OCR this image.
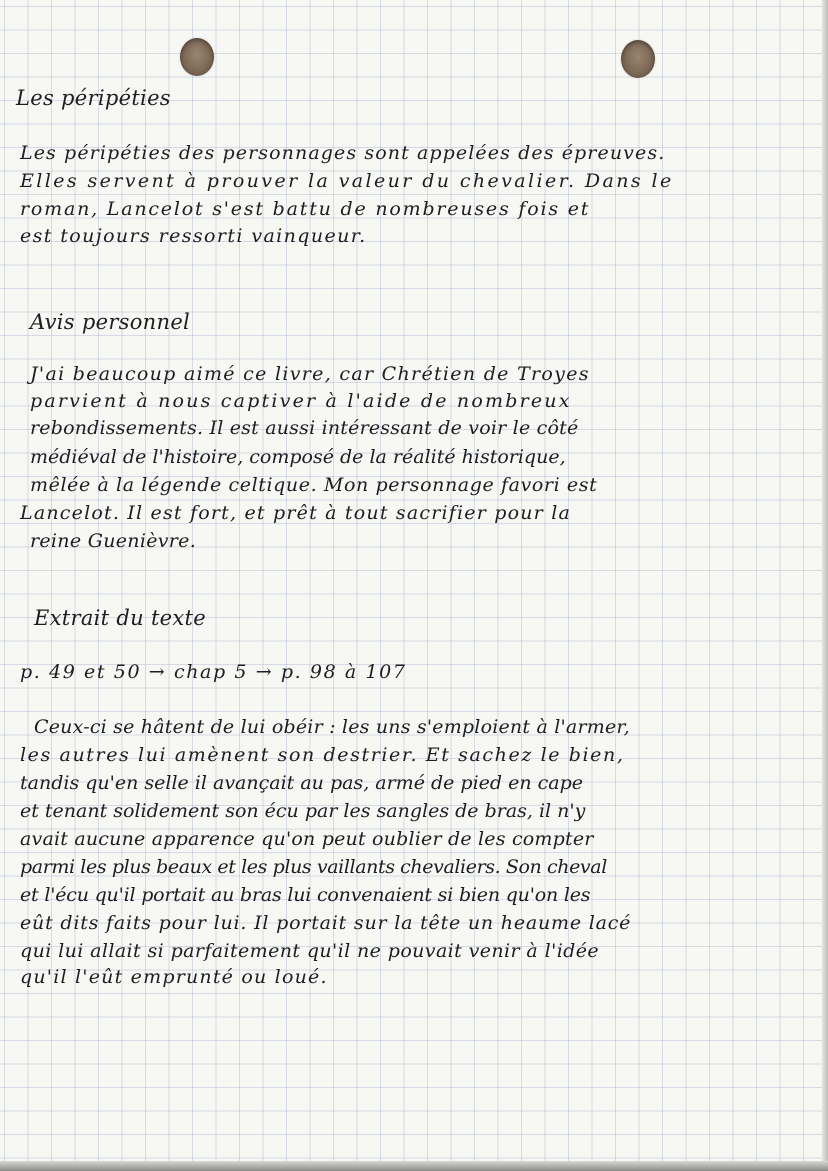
Les péripéties

Les péripéties des personnages sont appelées des épreuves.

Elles servent à prouver la valeur du chevalier. Dans le

roman, Lancelot s'est battu de nombreuses fois et

est toujours ressorti vainqueur.

Avis personnel

J'ai beaucoup aimé ce livre, car Chrétien de Troyes

parvient à nous captiver à l'aide de nombreux

rebondissements. Il est aussi intéressant de voir le côté

médiéval de l'histoire, composé de la réalité historique,

mêlée à la légende celtique. Mon personnage favori est

Lancelot. Il est fort, et prêt à tout sacrifier pour la

reine Guenièvre.

Extrait du texte

p. 49 et 50 → chap 5 → p. 98 à 107

Ceux-ci se hâtent de lui obéir : les uns s'emploient à l'armer,

les autres lui amènent son destrier. Et sachez le bien,

tandis qu'en selle il avançait au pas, armé de pied en cape

et tenant solidement son écu par les sangles de bras, il n'y

avait aucune apparence qu'on peut oublier de les compter

parmi les plus beaux et les plus vaillants chevaliers. Son cheval

et l'écu qu'il portait au bras lui convenaient si bien qu'on les

eût dits faits pour lui. Il portait sur la tête un heaume lacé

qui lui allait si parfaitement qu'il ne pouvait venir à l'idée

qu'il l'eût emprunté ou loué.
